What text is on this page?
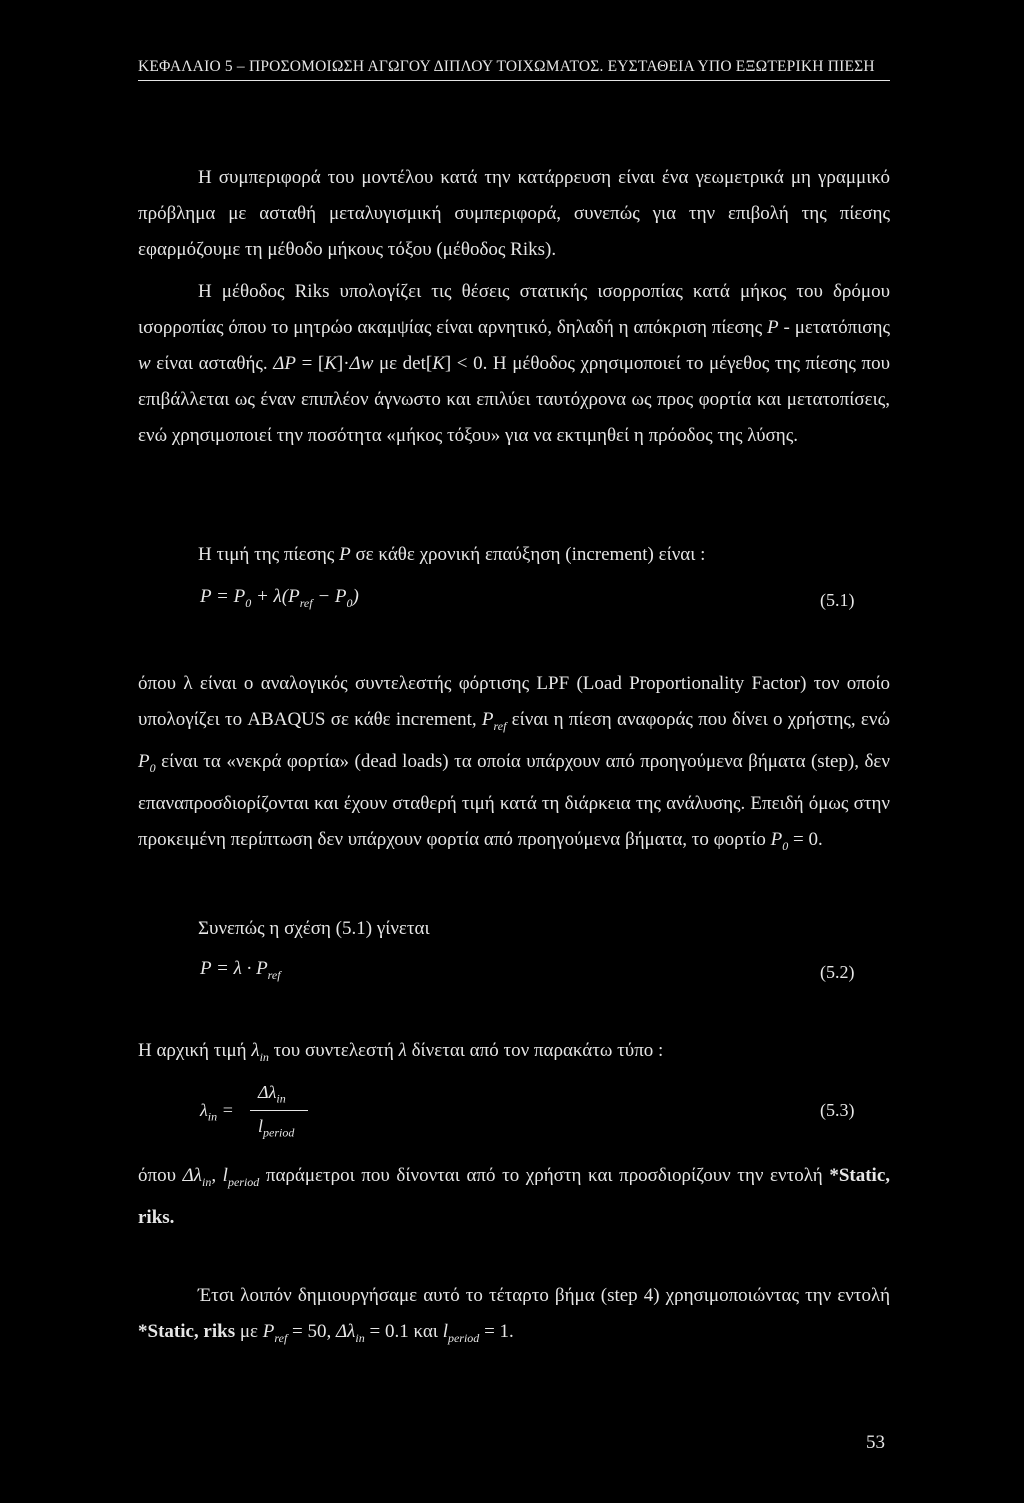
ΚΕΦΑΛΑΙΟ 5 – ΠΡΟΣΟΜΟΙΩΣΗ ΑΓΩΓΟΥ ΔΙΠΛΟΥ ΤΟΙΧΩΜΑΤΟΣ. ΕΥΣΤΑΘΕΙΑ ΥΠΟ ΕΞΩΤΕΡΙΚΗ ΠΙΕΣΗ
Η συμπεριφορά του μοντέλου κατά την κατάρρευση είναι ένα γεωμετρικά μη γραμμικό πρόβλημα με ασταθή μεταλυγισμική συμπεριφορά, συνεπώς για την επιβολή της πίεσης εφαρμόζουμε τη μέθοδο μήκους τόξου (μέθοδος Riks).
Η μέθοδος Riks υπολογίζει τις θέσεις στατικής ισορροπίας κατά μήκος του δρόμου ισορροπίας όπου το μητρώο ακαμψίας είναι αρνητικό, δηλαδή η απόκριση πίεσης P - μετατόπισης w είναι ασταθής. ΔP = [K]·Δw με det[K] < 0. Η μέθοδος χρησιμοποιεί το μέγεθος της πίεσης που επιβάλλεται ως έναν επιπλέον άγνωστο και επιλύει ταυτόχρονα ως προς φορτία και μετατοπίσεις, ενώ χρησιμοποιεί την ποσότητα «μήκος τόξου» για να εκτιμηθεί η πρόοδος της λύσης.
Η τιμή της πίεσης P σε κάθε χρονική επαύξηση (increment) είναι :
$P = P_0 + \lambda(P_{ref} - P_0)$	(5.1)
όπου λ είναι ο αναλογικός συντελεστής φόρτισης LPF (Load Proportionality Factor) τον οποίο υπολογίζει το ABAQUS σε κάθε increment, $P_{ref}$ είναι η πίεση αναφοράς που δίνει ο χρήστης, ενώ $P_0$ είναι τα «νεκρά φορτία» (dead loads) τα οποία υπάρχουν από προηγούμενα βήματα (step), δεν επαναπροσδιορίζονται και έχουν σταθερή τιμή κατά τη διάρκεια της ανάλυσης. Επειδή όμως στην προκειμένη περίπτωση δεν υπάρχουν φορτία από προηγούμενα βήματα, το φορτίο $P_0 = 0$.
Συνεπώς η σχέση (5.1) γίνεται
$P = \lambda \cdot P_{ref}$	(5.2)
Η αρχική τιμή $\lambda_{in}$ του συντελεστή λ δίνεται από τον παρακάτω τύπο :
$\lambda_{in}$ =
$\Delta\lambda_{in}$
$l_{period}$
(5.3)
όπου $\Delta\lambda_{in}$, $l_{period}$ παράμετροι που δίνονται από το χρήστη και προσδιορίζουν την εντολή *Static, riks.
Έτσι λοιπόν δημιουργήσαμε αυτό το τέταρτο βήμα (step 4) χρησιμοποιώντας την εντολή *Static, riks με $P_{ref} = 50$, $\Delta\lambda_{in} = 0.1$ και $l_{period} = 1$.
53
